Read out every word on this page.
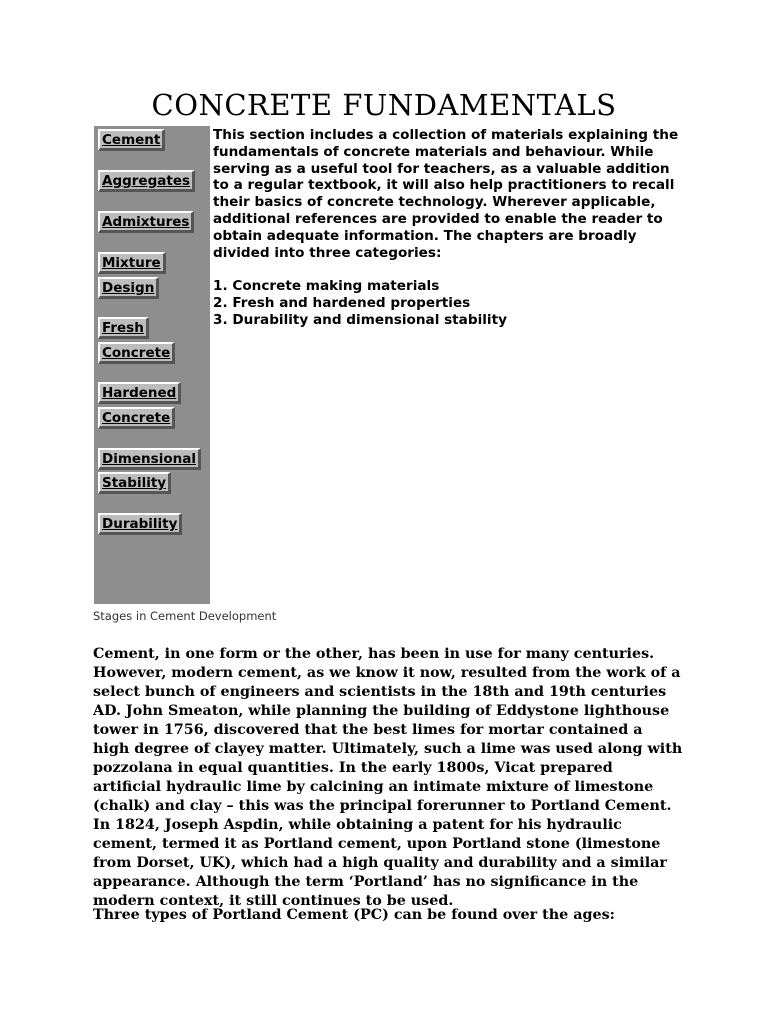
CONCRETE FUNDAMENTALS
Cement
Aggregates
Admixtures
Mixture
Design
Fresh
Concrete
Hardened
Concrete
Dimensional
Stability
Durability

This section includes a collection of materials explaining the fundamentals of concrete materials and behaviour. While serving as a useful tool for teachers, as a valuable addition to a regular textbook, it will also help practitioners to recall their basics of concrete technology. Wherever applicable, additional references are provided to enable the reader to obtain adequate information. The chapters are broadly divided into three categories:

1. Concrete making materials

2. Fresh and hardened properties

3. Durability and dimensional stability

Stages in Cement Development

Cement, in one form or the other, has been in use for many centuries. However, modern cement, as we know it now, resulted from the work of a select bunch of engineers and scientists in the 18th and 19th centuries AD. John Smeaton, while planning the building of Eddystone lighthouse tower in 1756, discovered that the best limes for mortar contained a high degree of clayey matter. Ultimately, such a lime was used along with pozzolana in equal quantities. In the early 1800s, Vicat prepared artificial hydraulic lime by calcining an intimate mixture of limestone (chalk) and clay – this was the principal forerunner to Portland Cement. In 1824, Joseph Aspdin, while obtaining a patent for his hydraulic cement, termed it as Portland cement, upon Portland stone (limestone from Dorset, UK), which had a high quality and durability and a similar appearance. Although the term ‘Portland’ has no significance in the modern context, it still continues to be used.

Three types of Portland Cement (PC) can be found over the ages:
